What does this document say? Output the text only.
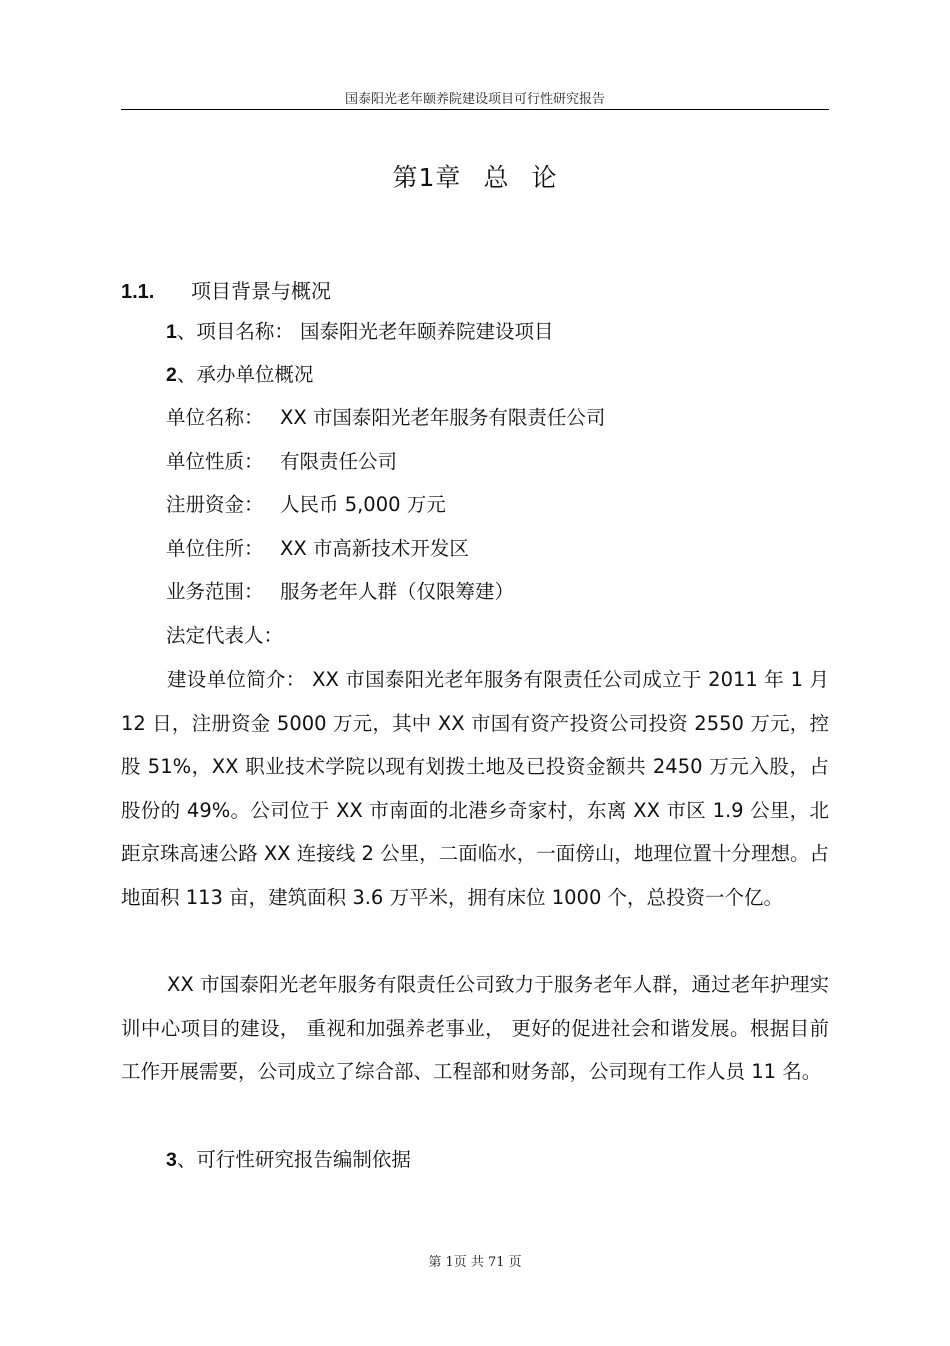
国泰阳光老年颐养院建设项目可行性研究报告
第1章 总 论
1.1. 项目背景与概况
1、项目名称： 国泰阳光老年颐养院建设项目
2、承办单位概况
单位名称： XX 市国泰阳光老年服务有限责任公司
单位性质： 有限责任公司
注册资金： 人民币 5,000 万元
单位住所： XX 市高新技术开发区
业务范围： 服务老年人群（仅限筹建）
法定代表人：

建设单位简介： XX 市国泰阳光老年服务有限责任公司成立于 2011 年 1 月 12 日，注册资金 5000 万元，其中 XX 市国有资产投资公司投资 2550 万元，控股 51%，XX 职业技术学院以现有划拨土地及已投资金额共 2450 万元入股，占股份的 49%。公司位于 XX 市南面的北港乡奇家村，东离 XX 市区 1.9 公里，北距京珠高速公路 XX 连接线 2 公里，二面临水，一面傍山，地理位置十分理想。占地面积 113 亩，建筑面积 3.6 万平米，拥有床位 1000 个，总投资一个亿。

XX 市国泰阳光老年服务有限责任公司致力于服务老年人群，通过老年护理实训中心项目的建设， 重视和加强养老事业， 更好的促进社会和谐发展。根据目前工作开展需要，公司成立了综合部、工程部和财务部，公司现有工作人员 11 名。

3、可行性研究报告编制依据
第 1页 共 71 页
